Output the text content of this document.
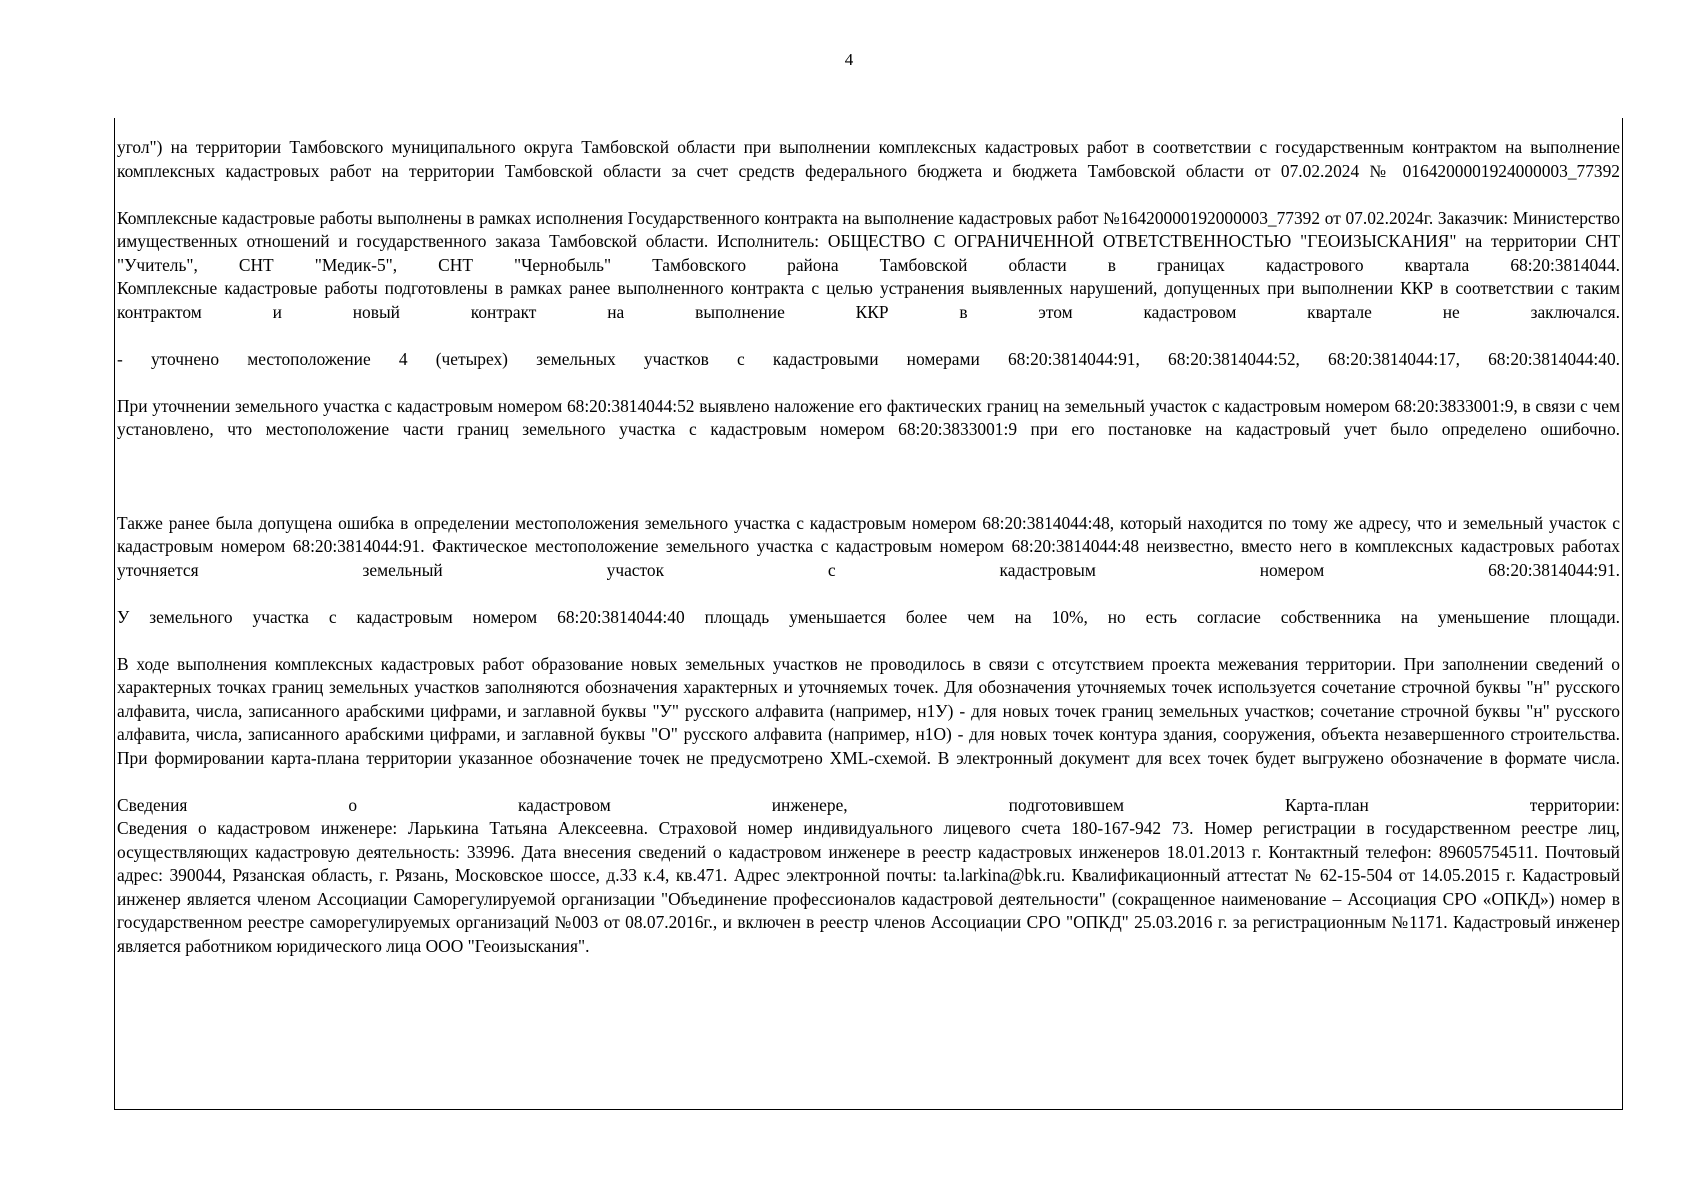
4

угол") на территории Тамбовского муниципального округа Тамбовской области при выполнении комплексных кадастровых работ в соответствии с государственным контрактом на выполнение комплексных кадастровых работ на территории Тамбовской области за счет средств федерального бюджета и бюджета Тамбовской области от 07.02.2024 № 0164200001924000003_77392

Комплексные кадастровые работы выполнены в рамках исполнения Государственного контракта на выполнение кадастровых работ №16420000192000003_77392 от 07.02.2024г. Заказчик: Министерство имущественных отношений и государственного заказа Тамбовской области. Исполнитель: ОБЩЕСТВО С ОГРАНИЧЕННОЙ ОТВЕТСТВЕННОСТЬЮ "ГЕОИЗЫСКАНИЯ" на территории СНТ "Учитель", СНТ "Медик-5", СНТ "Чернобыль" Тамбовского района Тамбовской области в границах кадастрового квартала 68:20:3814044.

Комплексные кадастровые работы подготовлены в рамках ранее выполненного контракта с целью устранения выявленных нарушений, допущенных при выполнении ККР в соответствии с таким контрактом и новый контракт на выполнение ККР в этом кадастровом квартале не заключался.

- уточнено местоположение 4 (четырех) земельных участков с кадастровыми номерами 68:20:3814044:91, 68:20:3814044:52, 68:20:3814044:17, 68:20:3814044:40.

При уточнении земельного участка с кадастровым номером 68:20:3814044:52 выявлено наложение его фактических границ на земельный участок с кадастровым номером 68:20:3833001:9, в связи с чем установлено, что местоположение части границ земельного участка с кадастровым номером 68:20:3833001:9 при его постановке на кадастровый учет было определено ошибочно.

Также ранее была допущена ошибка в определении местоположения земельного участка с кадастровым номером 68:20:3814044:48, который находится по тому же адресу, что и земельный участок с кадастровым номером 68:20:3814044:91. Фактическое местоположение земельного участка с кадастровым номером 68:20:3814044:48 неизвестно, вместо него в комплексных кадастровых работах уточняется земельный участок с кадастровым номером 68:20:3814044:91.

У земельного участка с кадастровым номером 68:20:3814044:40 площадь уменьшается более чем на 10%, но есть согласие собственника на уменьшение площади.

В ходе выполнения комплексных кадастровых работ образование новых земельных участков не проводилось в связи с отсутствием проекта межевания территории. При заполнении сведений о характерных точках границ земельных участков заполняются обозначения характерных и уточняемых точек. Для обозначения уточняемых точек используется сочетание строчной буквы "н" русского алфавита, числа, записанного арабскими цифрами, и заглавной буквы "У" русского алфавита (например, н1У) - для новых точек границ земельных участков; сочетание строчной буквы "н" русского алфавита, числа, записанного арабскими цифрами, и заглавной буквы "О" русского алфавита (например, н1О) - для новых точек контура здания, сооружения, объекта незавершенного строительства. При формировании карта-плана территории указанное обозначение точек не предусмотрено XML-схемой. В электронный документ для всех точек будет выгружено обозначение в формате числа.

Сведения о кадастровом инженере, подготовившем Карта-план территории:

Сведения о кадастровом инженере: Ларькина Татьяна Алексеевна. Страховой номер индивидуального лицевого счета 180-167-942 73. Номер регистрации в государственном реестре лиц, осуществляющих кадастровую деятельность: 33996. Дата внесения сведений о кадастровом инженере в реестр кадастровых инженеров 18.01.2013 г. Контактный телефон: 89605754511. Почтовый адрес: 390044, Рязанская область, г. Рязань, Московское шоссе, д.33 к.4, кв.471. Адрес электронной почты: ta.larkina@bk.ru. Квалификационный аттестат № 62-15-504 от 14.05.2015 г. Кадастровый инженер является членом Ассоциации Саморегулируемой организации "Объединение профессионалов кадастровой деятельности" (сокращенное наименование – Ассоциация СРО «ОПКД») номер в государственном реестре саморегулируемых организаций №003 от 08.07.2016г., и включен в реестр членов Ассоциации СРО "ОПКД" 25.03.2016 г. за регистрационным №1171. Кадастровый инженер является работником юридического лица ООО "Геоизыскания".
